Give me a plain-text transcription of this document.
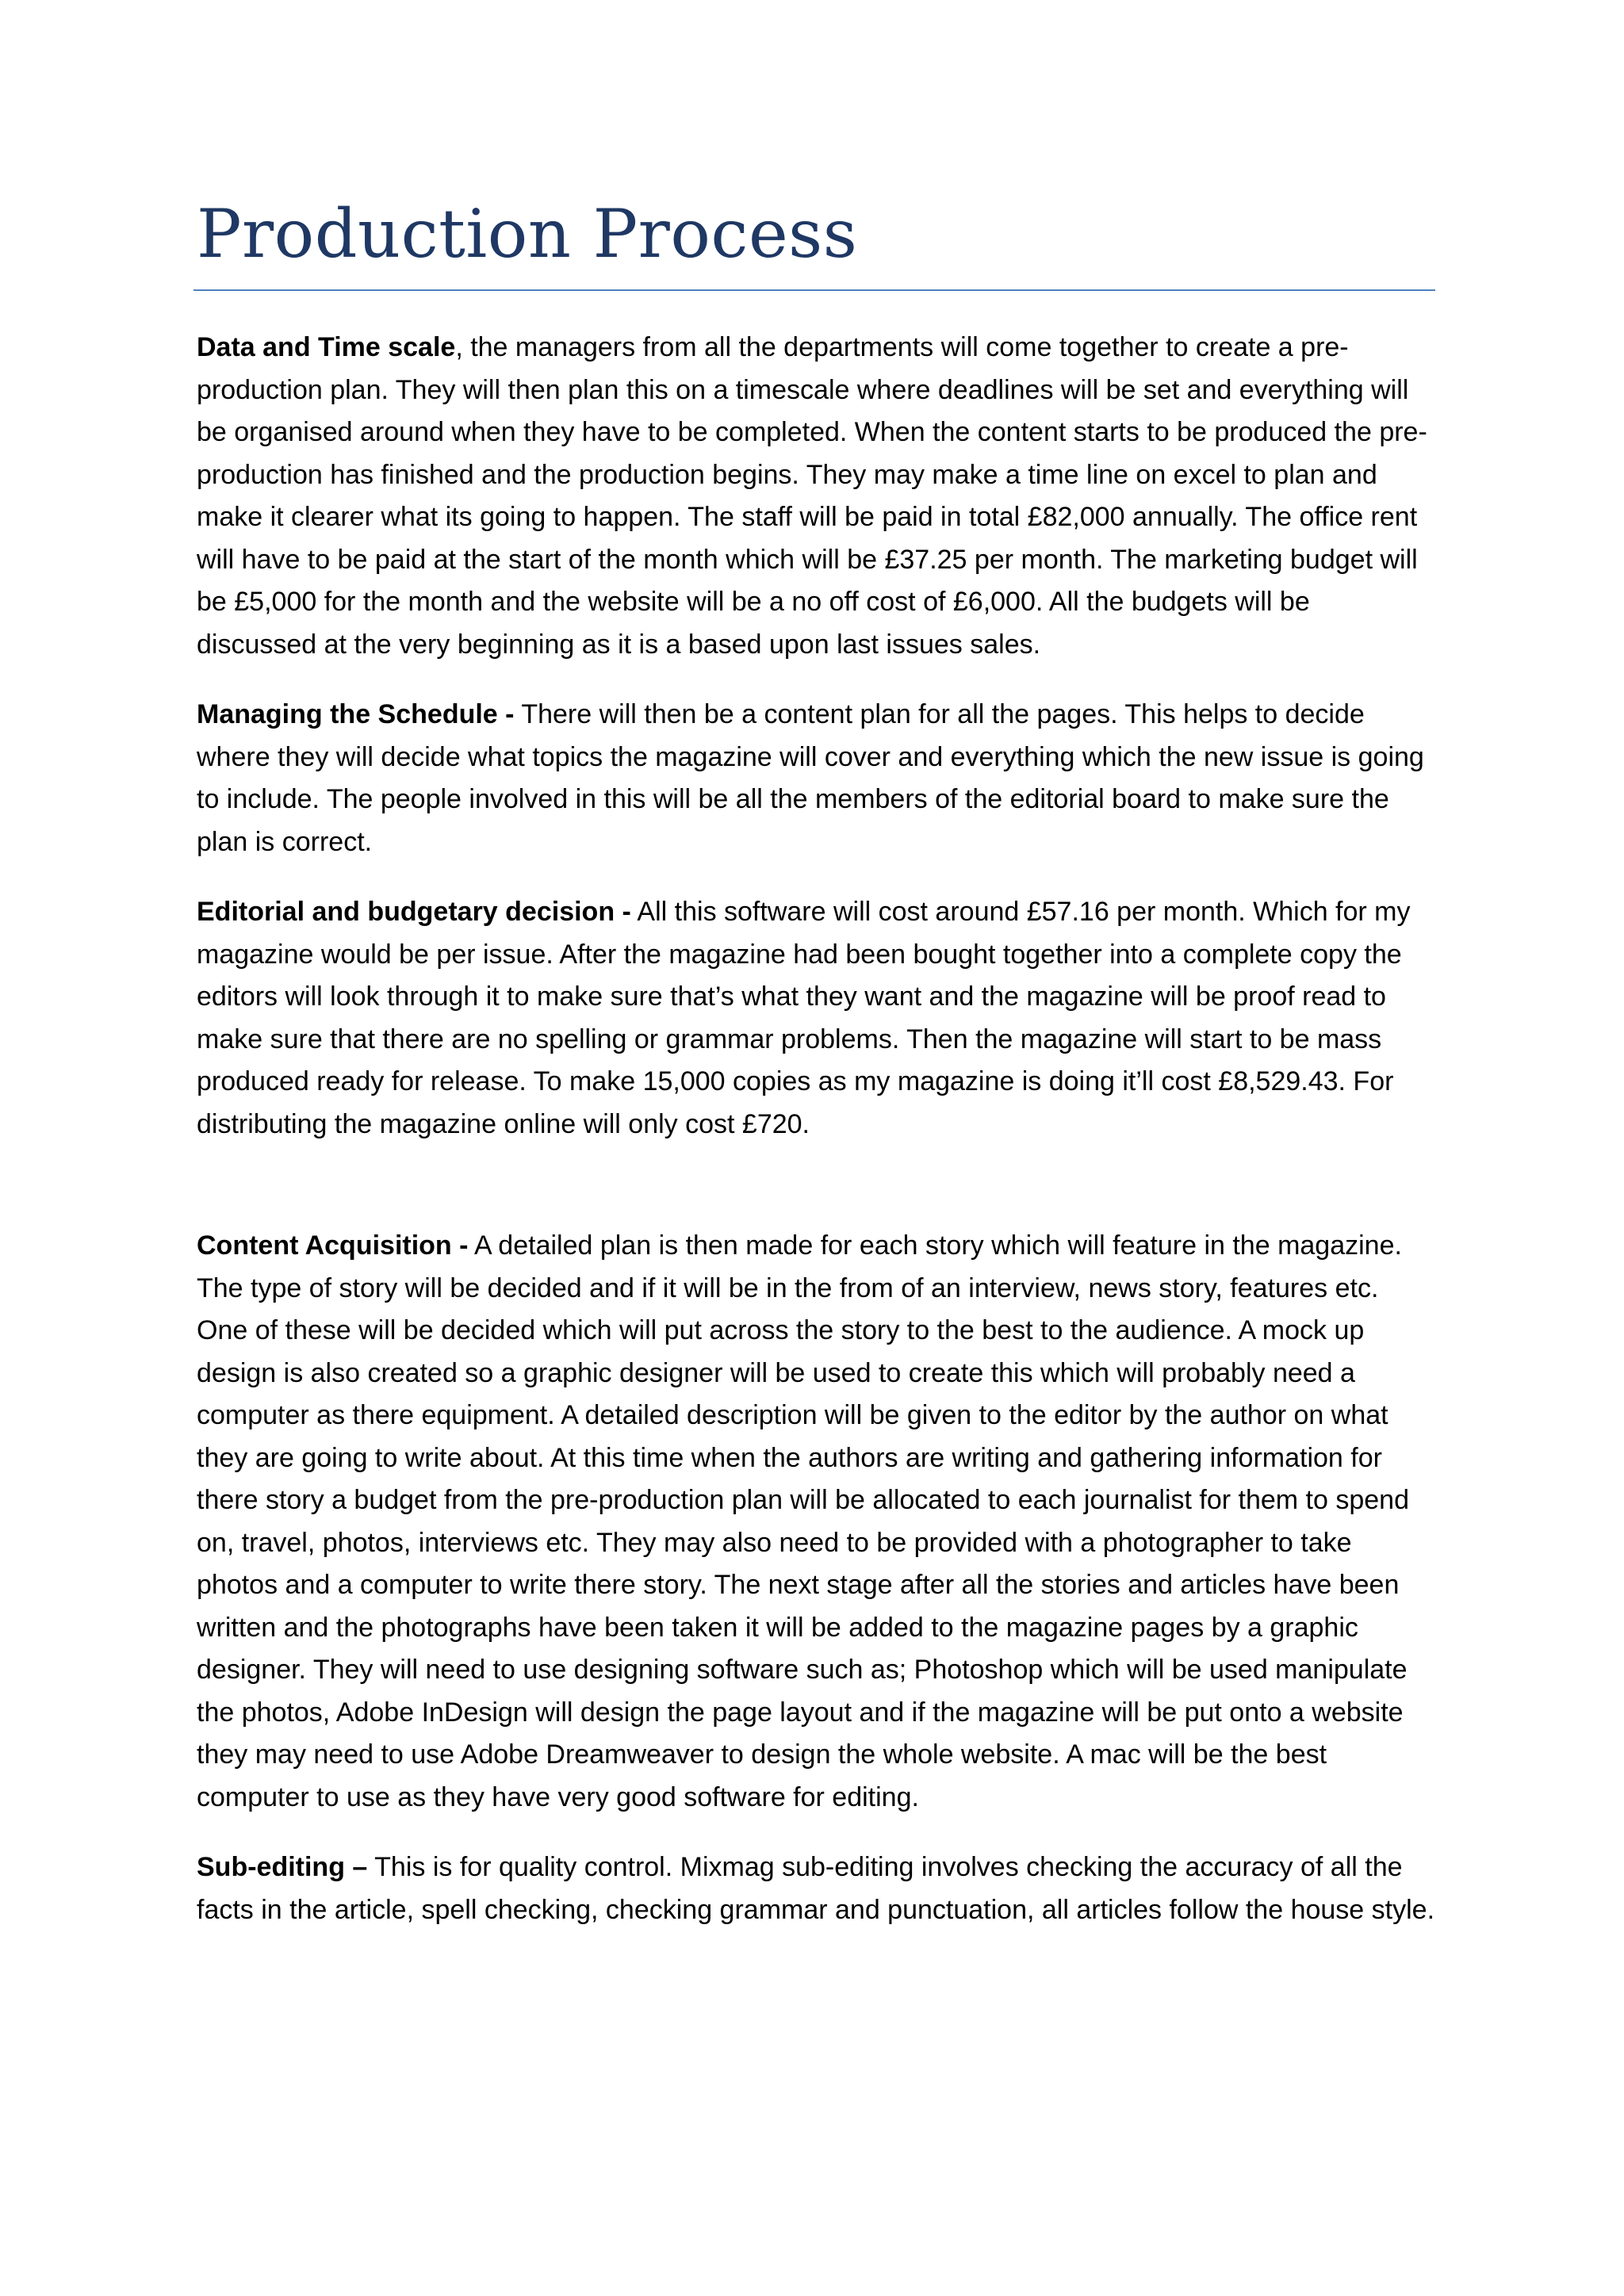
Production Process

Data and Time scale, the managers from all the departments will come together to create a pre-production plan. They will then plan this on a timescale where deadlines will be set and everything will be organised around when they have to be completed. When the content starts to be produced the pre-production has finished and the production begins. They may make a time line on excel to plan and make it clearer what its going to happen. The staff will be paid in total £82,000 annually. The office rent will have to be paid at the start of the month which will be £37.25 per month. The marketing budget will be £5,000 for the month and the website will be a no off cost of £6,000. All the budgets will be discussed at the very beginning as it is a based upon last issues sales.

Managing the Schedule - There will then be a content plan for all the pages. This helps to decide where they will decide what topics the magazine will cover and everything which the new issue is going to include. The people involved in this will be all the members of the editorial board to make sure the plan is correct.

Editorial and budgetary decision - All this software will cost around £57.16 per month. Which for my magazine would be per issue. After the magazine had been bought together into a complete copy the editors will look through it to make sure that’s what they want and the magazine will be proof read to make sure that there are no spelling or grammar problems. Then the magazine will start to be mass produced ready for release. To make 15,000 copies as my magazine is doing it’ll cost £8,529.43. For distributing the magazine online will only cost £720.

Content Acquisition - A detailed plan is then made for each story which will feature in the magazine. The type of story will be decided and if it will be in the from of an interview, news story, features etc. One of these will be decided which will put across the story to the best to the audience. A mock up design is also created so a graphic designer will be used to create this which will probably need a computer as there equipment. A detailed description will be given to the editor by the author on what they are going to write about. At this time when the authors are writing and gathering information for there story a budget from the pre-production plan will be allocated to each journalist for them to spend on, travel, photos, interviews etc. They may also need to be provided with a photographer to take photos and a computer to write there story. The next stage after all the stories and articles have been written and the photographs have been taken it will be added to the magazine pages by a graphic designer. They will need to use designing software such as; Photoshop which will be used manipulate the photos, Adobe InDesign will design the page layout and if the magazine will be put onto a website they may need to use Adobe Dreamweaver to design the whole website. A mac will be the best computer to use as they have very good software for editing.

Sub-editing – This is for quality control. Mixmag sub-editing involves checking the accuracy of all the facts in the article, spell checking, checking grammar and punctuation, all articles follow the house style.
